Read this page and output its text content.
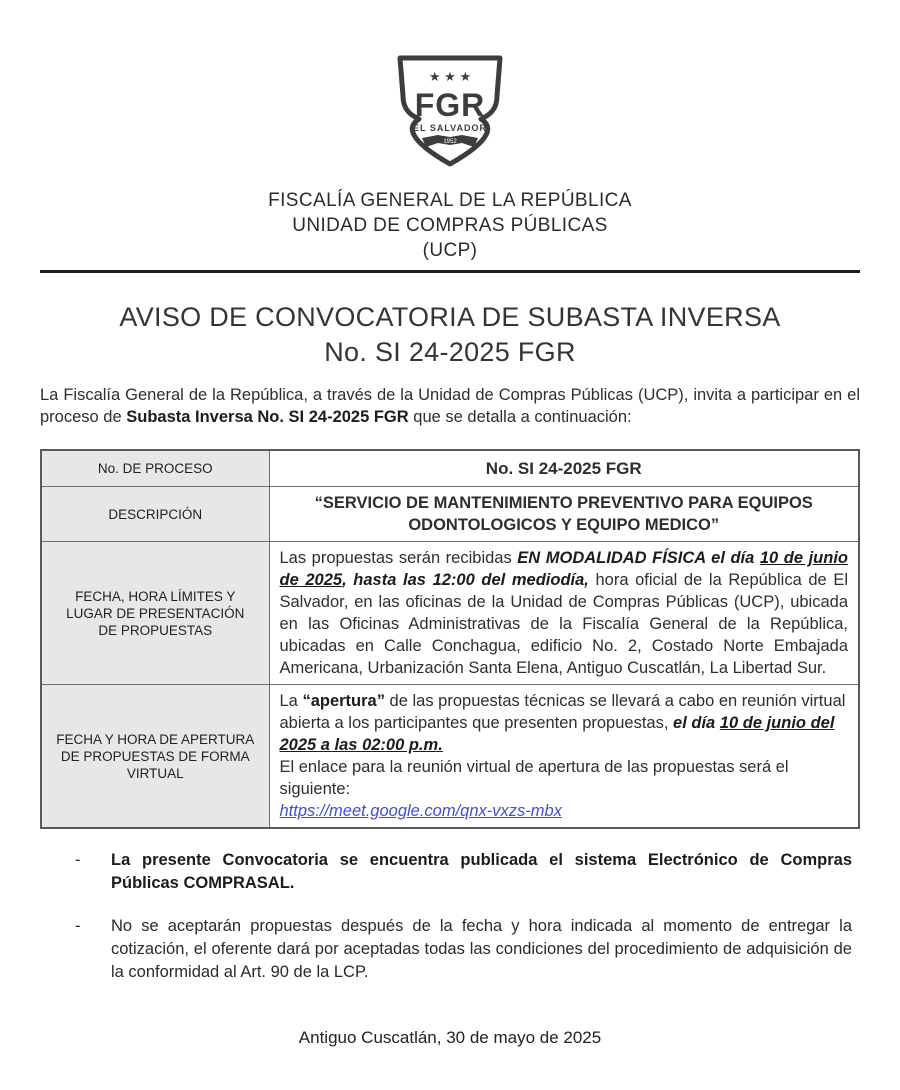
★ ★ ★
FGR
EL SALVADOR
1952
FISCALÍA GENERAL DE LA REPÚBLICA
UNIDAD DE COMPRAS PÚBLICAS
(UCP)
AVISO DE CONVOCATORIA DE SUBASTA INVERSA
No. SI 24-2025 FGR

La Fiscalía General de la República, a través de la Unidad de Compras Públicas (UCP), invita a participar en el proceso de Subasta Inversa No. SI 24-2025 FGR que se detalla a continuación:

No. DE PROCESO	No. SI 24-2025 FGR
DESCRIPCIÓN	“SERVICIO DE MANTENIMIENTO PREVENTIVO PARA EQUIPOS ODONTOLOGICOS Y EQUIPO MEDICO”
FECHA, HORA LÍMITES Y LUGAR DE PRESENTACIÓN DE PROPUESTAS	Las propuestas serán recibidas EN MODALIDAD FÍSICA el día 10 de junio de 2025, hasta las 12:00 del mediodía, hora oficial de la República de El Salvador, en las oficinas de la Unidad de Compras Públicas (UCP), ubicada en las Oficinas Administrativas de la Fiscalía General de la República, ubicadas en Calle Conchagua, edificio No. 2, Costado Norte Embajada Americana, Urbanización Santa Elena, Antiguo Cuscatlán, La Libertad Sur.
FECHA Y HORA DE APERTURA DE PROPUESTAS DE FORMA VIRTUAL	La “apertura” de las propuestas técnicas se llevará a cabo en reunión virtual abierta a los participantes que presenten propuestas, el día 10 de junio del 2025 a las 02:00 p.m.
El enlace para la reunión virtual de apertura de las propuestas será el siguiente:
https://meet.google.com/qnx-vxzs-mbx
-	La presente Convocatoria se encuentra publicada el sistema Electrónico de Compras Públicas COMPRASAL.
-	No se aceptarán propuestas después de la fecha y hora indicada al momento de entregar la cotización, el oferente dará por aceptadas todas las condiciones del procedimiento de adquisición de la conformidad al Art. 90 de la LCP.
Antiguo Cuscatlán, 30 de mayo de 2025
